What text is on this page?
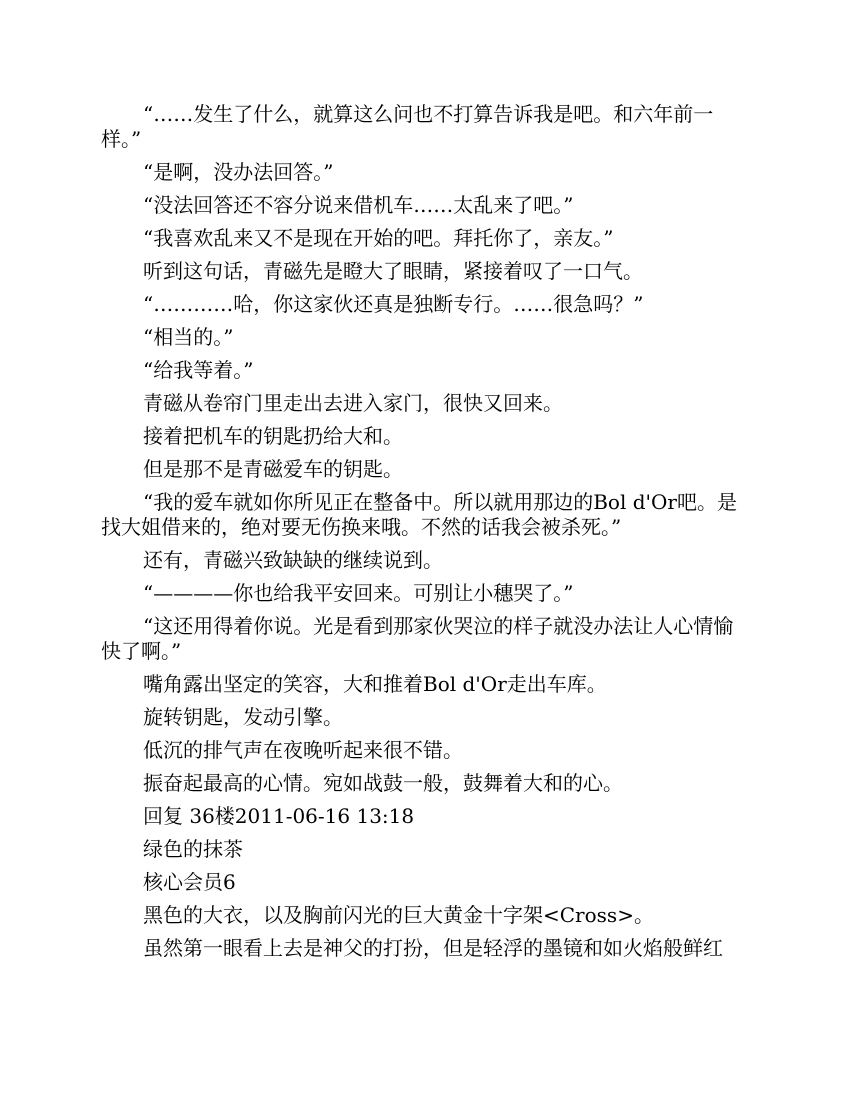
“……发生了什么，就算这么问也不打算告诉我是吧。和六年前一样。”

“是啊，没办法回答。”

“没法回答还不容分说来借机车……太乱来了吧。”

“我喜欢乱来又不是现在开始的吧。拜托你了，亲友。”

听到这句话，青磁先是瞪大了眼睛，紧接着叹了一口气。

“…………哈，你这家伙还真是独断专行。……很急吗？”

“相当的。”

“给我等着。”

青磁从卷帘门里走出去进入家门，很快又回来。

接着把机车的钥匙扔给大和。

但是那不是青磁爱车的钥匙。

“我的爱车就如你所见正在整备中。所以就用那边的Bol d'Or吧。是找大姐借来的，绝对要无伤换来哦。不然的话我会被杀死。”

还有，青磁兴致缺缺的继续说到。

“————你也给我平安回来。可别让小穗哭了。”

“这还用得着你说。光是看到那家伙哭泣的样子就没办法让人心情愉快了啊。”

嘴角露出坚定的笑容，大和推着Bol d'Or走出车库。

旋转钥匙，发动引擎。

低沉的排气声在夜晚听起来很不错。

振奋起最高的心情。宛如战鼓一般，鼓舞着大和的心。

回复 36楼2011-06-16 13:18

绿色的抹茶

核心会员6

黑色的大衣，以及胸前闪光的巨大黄金十字架<Cross>。

虽然第一眼看上去是神父的打扮，但是轻浮的墨镜和如火焰般鲜红
